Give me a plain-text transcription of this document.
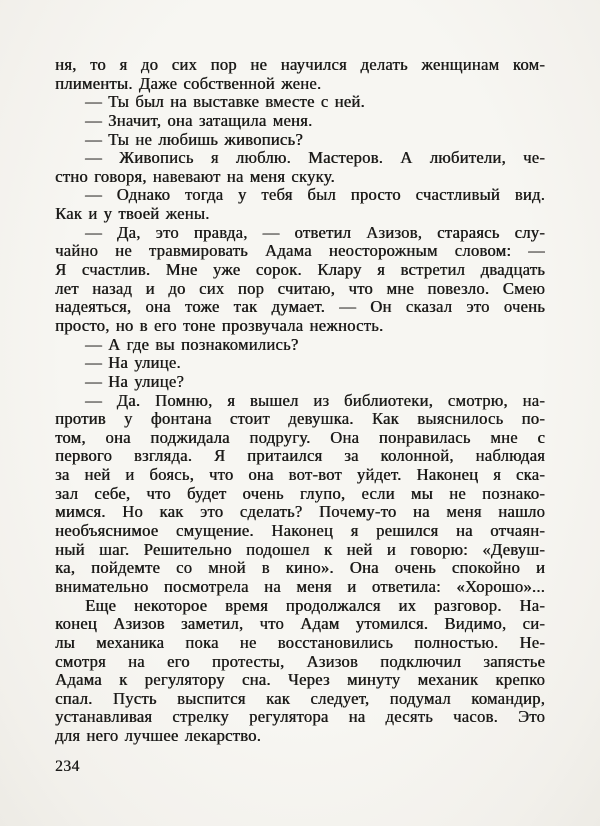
ня, то я до сих пор не научился делать женщинам ком-
плименты. Даже собственной жене.
— Ты был на выставке вместе с ней.
— Значит, она затащила меня.
— Ты не любишь живопись?
— Живопись я люблю. Мастеров. А любители, че-
стно говоря, навевают на меня скуку.
— Однако тогда у тебя был просто счастливый вид.
Как и у твоей жены.
— Да, это правда, — ответил Азизов, стараясь слу-
чайно не травмировать Адама неосторожным словом: —
Я счастлив. Мне уже сорок. Клару я встретил двадцать
лет назад и до сих пор считаю, что мне повезло. Смею
надеяться, она тоже так думает. — Он сказал это очень
просто, но в его тоне прозвучала нежность.
— А где вы познакомились?
— На улице.
— На улице?
— Да. Помню, я вышел из библиотеки, смотрю, на-
против у фонтана стоит девушка. Как выяснилось по-
том, она поджидала подругу. Она понравилась мне с
первого взгляда. Я притаился за колонной, наблюдая
за ней и боясь, что она вот-вот уйдет. Наконец я ска-
зал себе, что будет очень глупо, если мы не познако-
мимся. Но как это сделать? Почему-то на меня нашло
необъяснимое смущение. Наконец я решился на отчаян-
ный шаг. Решительно подошел к ней и говорю: «Девуш-
ка, пойдемте со мной в кино». Она очень спокойно и
внимательно посмотрела на меня и ответила: «Хорошо»...
Еще некоторое время продолжался их разговор. На-
конец Азизов заметил, что Адам утомился. Видимо, си-
лы механика пока не восстановились полностью. Не-
смотря на его протесты, Азизов подключил запястье
Адама к регулятору сна. Через минуту механик крепко
спал. Пусть выспится как следует, подумал командир,
устанавливая стрелку регулятора на десять часов. Это
для него лучшее лекарство.
234
